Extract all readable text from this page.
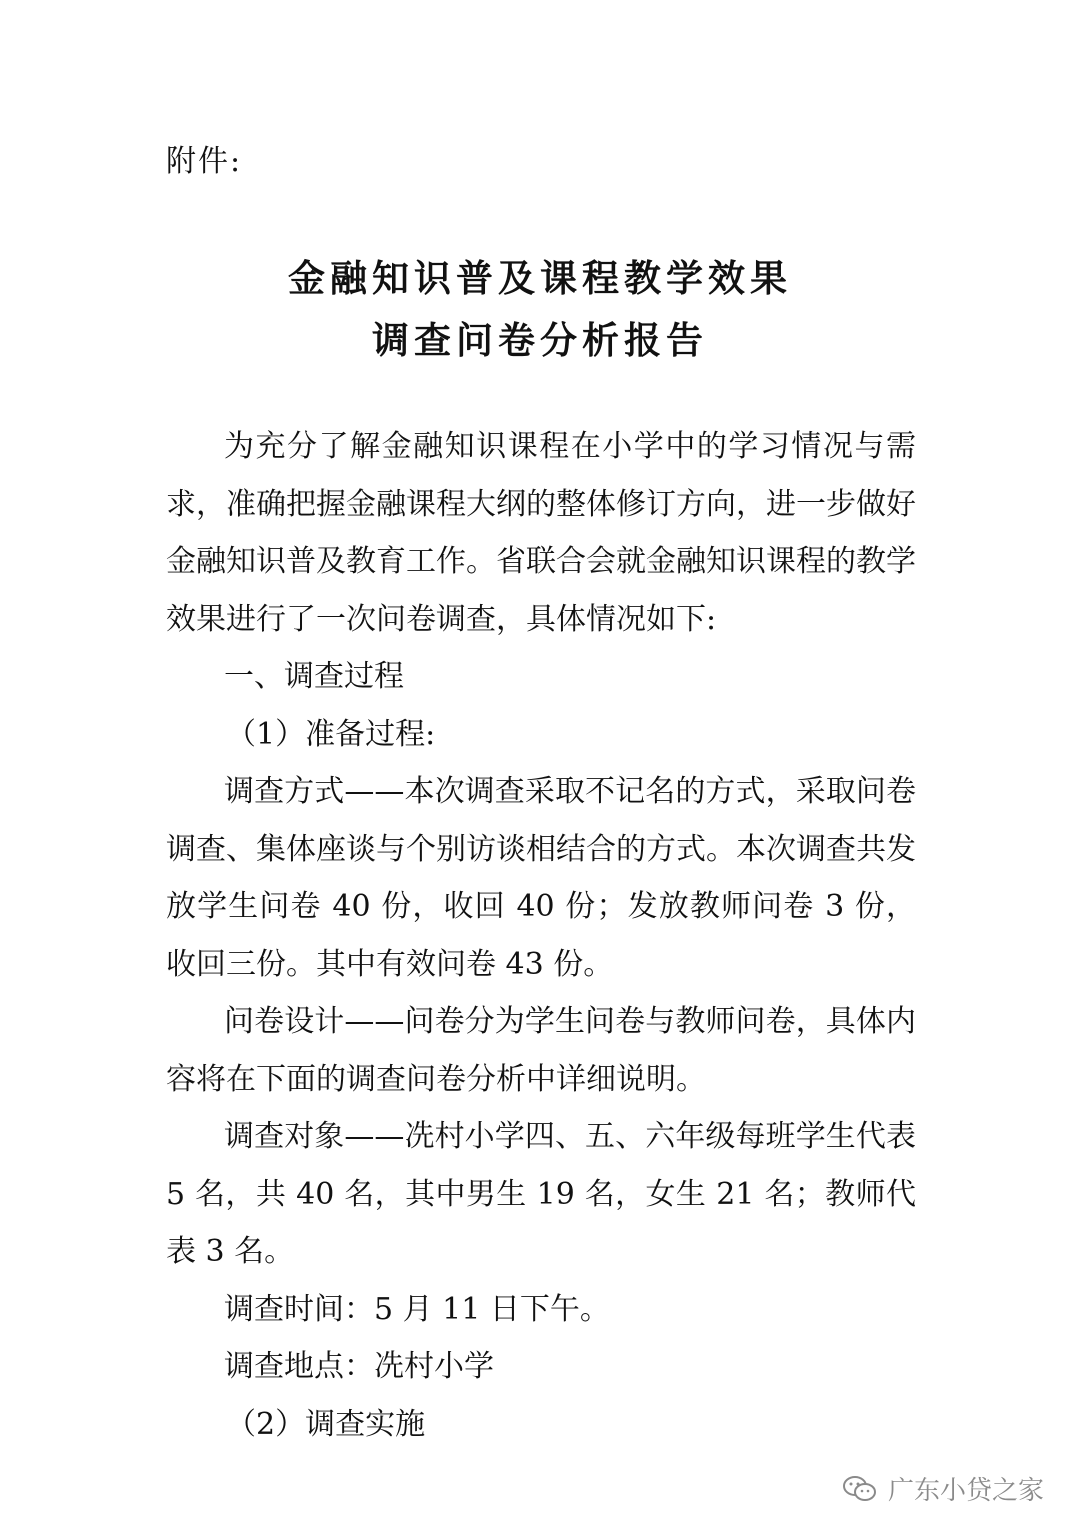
附件:
金融知识普及课程教学效果
调查问卷分析报告

为充分了解金融知识课程在小学中的学习情况与需求，准确把握金融课程大纲的整体修订方向，进一步做好金融知识普及教育工作。省联合会就金融知识课程的教学效果进行了一次问卷调查，具体情况如下:

一、调查过程

（1）准备过程:

调查方式——本次调查采取不记名的方式，采取问卷调查、集体座谈与个别访谈相结合的方式。本次调查共发放学生问卷 40 份，收回 40 份；发放教师问卷 3 份，收回三份。其中有效问卷 43 份。

问卷设计——问卷分为学生问卷与教师问卷，具体内容将在下面的调查问卷分析中详细说明。

调查对象——冼村小学四、五、六年级每班学生代表 5 名，共 40 名，其中男生 19 名，女生 21 名；教师代表 3 名。

调查时间：5 月 11 日下午。

调查地点：冼村小学

（2）调查实施

广东小贷之家
